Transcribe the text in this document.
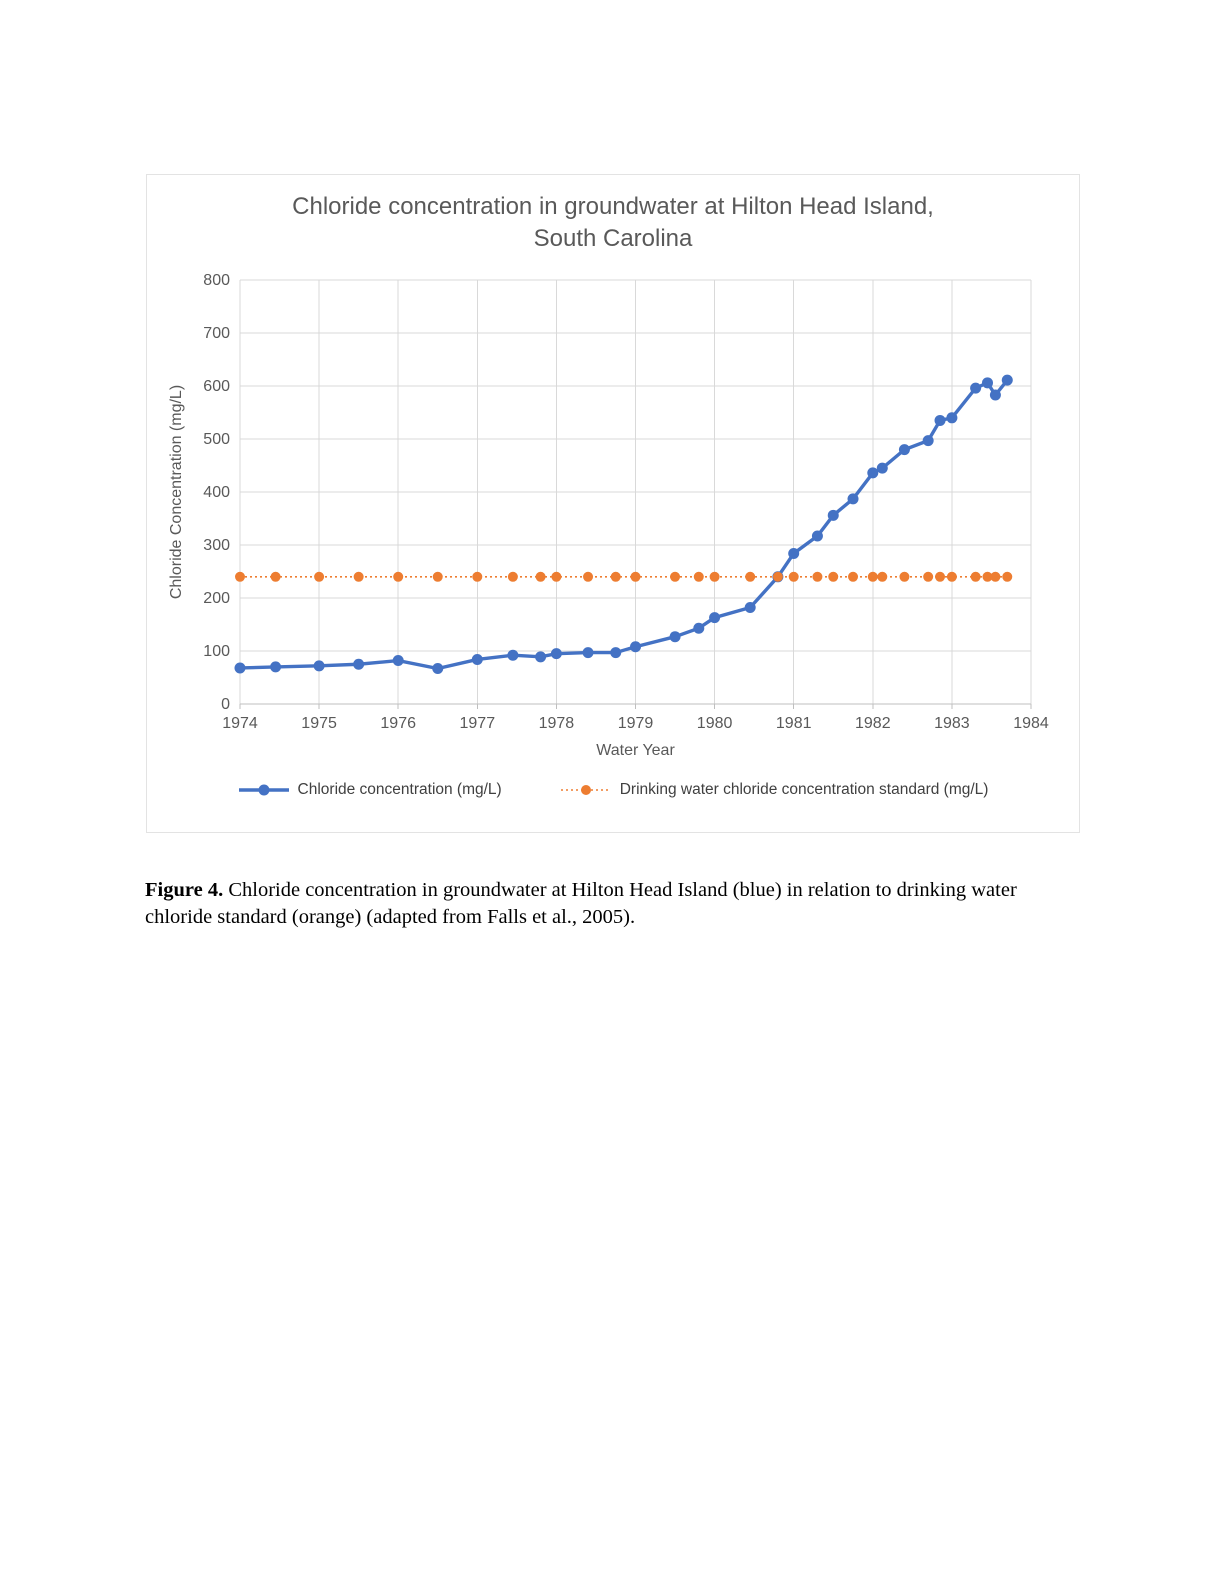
Chloride concentration in groundwater at Hilton Head Island, South Carolina
0
100
200
300
400
500
600
700
800
1974	1975	1976	1977	1978	1979	1980	1981	1982	1983	1984
Water Year
Chloride Concentration (mg/L)
Chloride concentration (mg/L)	Drinking water chloride concentration standard (mg/L)

Figure 4. Chloride concentration in groundwater at Hilton Head Island (blue) in relation to drinking water chloride standard (orange) (adapted from Falls et al., 2005).
